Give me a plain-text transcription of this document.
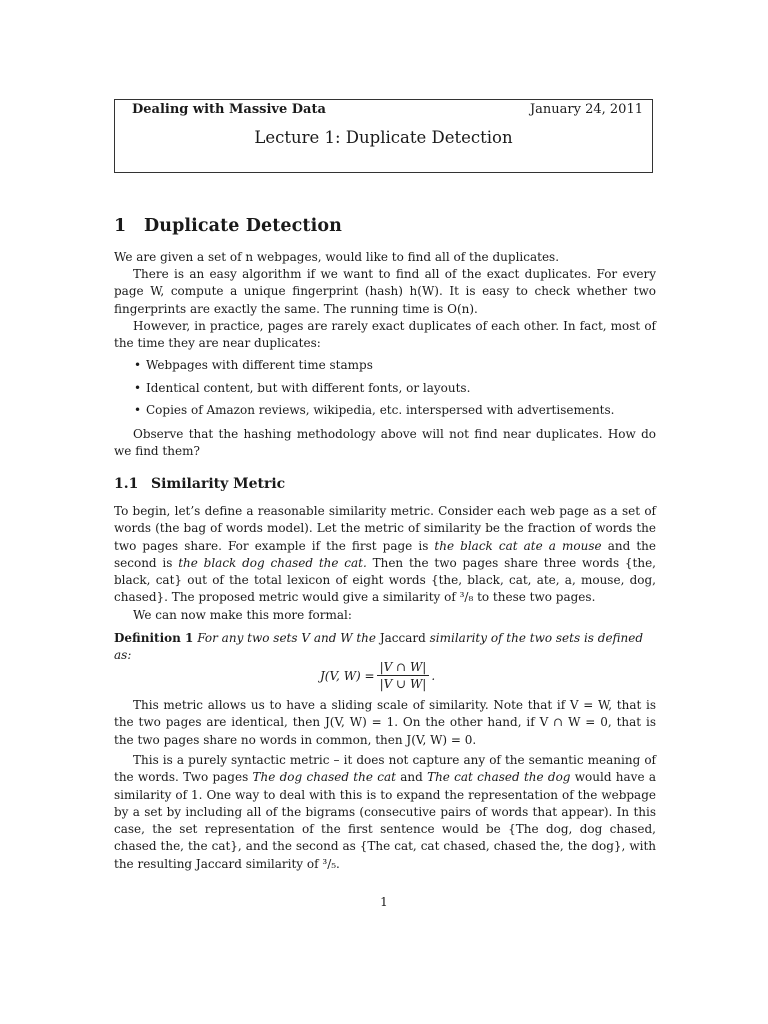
Dealing with Massive Data	January 24, 2011
Lecture 1: Duplicate Detection
1 Duplicate Detection
We are given a set of n webpages, would like to find all of the duplicates.
There is an easy algorithm if we want to find all of the exact duplicates. For every page W, compute a unique fingerprint (hash) h(W). It is easy to check whether two fingerprints are exactly the same. The running time is O(n).
However, in practice, pages are rarely exact duplicates of each other. In fact, most of the time they are near duplicates:
• Webpages with different time stamps
• Identical content, but with different fonts, or layouts.
• Copies of Amazon reviews, wikipedia, etc. interspersed with advertisements.
Observe that the hashing methodology above will not find near duplicates. How do we find them?
1.1 Similarity Metric
To begin, let’s define a reasonable similarity metric. Consider each web page as a set of words (the bag of words model). Let the metric of similarity be the fraction of words the two pages share. For example if the first page is the black cat ate a mouse and the second is the black dog chased the cat. Then the two pages share three words {the, black, cat} out of the total lexicon of eight words {the, black, cat, ate, a, mouse, dog, chased}. The proposed metric would give a similarity of ³/₈ to these two pages.
We can now make this more formal:
Definition 1 For any two sets V and W the Jaccard similarity of the two sets is defined as:
J(V, $W) = \frac{|V \cap W|}{|V \cup W|}$ .
This metric allows us to have a sliding scale of similarity. Note that if V = W, that is the two pages are identical, then J(V, W) = 1. On the other hand, if V ∩ W = 0, that is the two pages share no words in common, then J(V, W) = 0.
This is a purely syntactic metric – it does not capture any of the semantic meaning of the words. Two pages The dog chased the cat and The cat chased the dog would have a similarity of 1. One way to deal with this is to expand the representation of the webpage by a set by including all of the bigrams (consecutive pairs of words that appear). In this case, the set representation of the first sentence would be {The dog, dog chased, chased the, the cat}, and the second as {The cat, cat chased, chased the, the dog}, with the resulting Jaccard similarity of ³/₅.
1
